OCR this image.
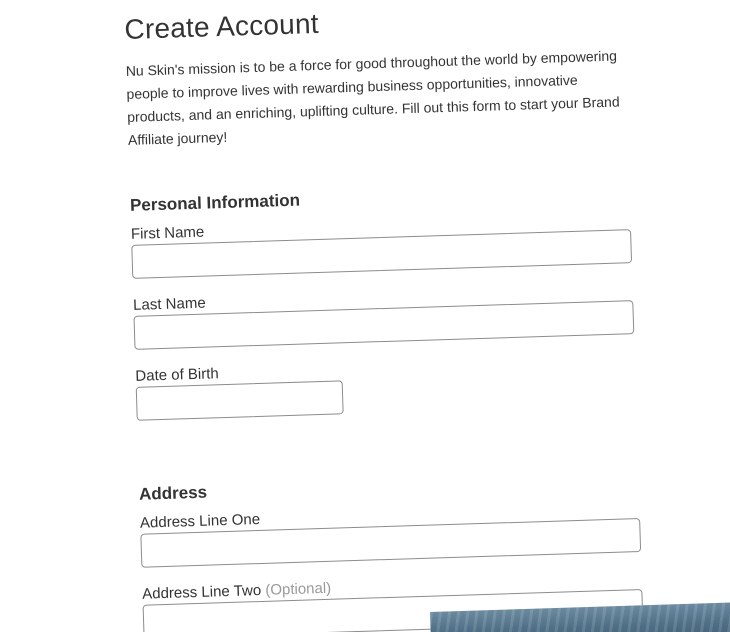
Create Account

Nu Skin's mission is to be a force for good throughout the world by empowering people to improve lives with rewarding business opportunities, innovative products, and an enriching, uplifting culture. Fill out this form to start your Brand Affiliate journey!

Personal Information
First Name
Last Name
Date of Birth
Address
Address Line One
Address Line Two (Optional)
